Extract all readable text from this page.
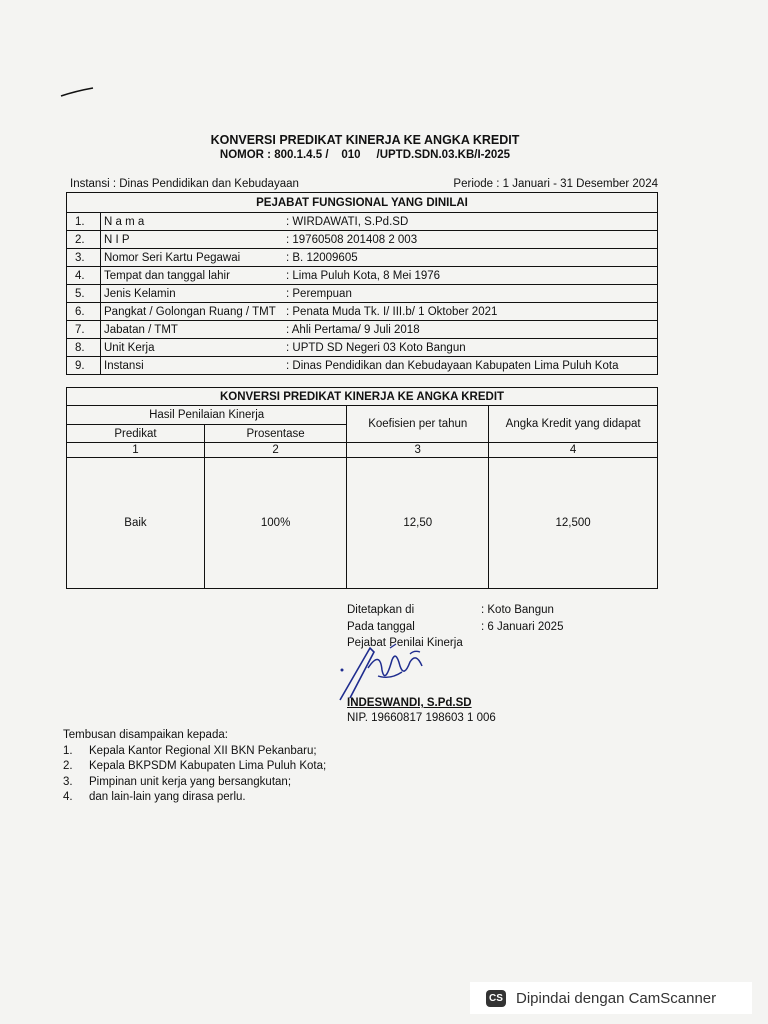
KONVERSI PREDIKAT KINERJA KE ANGKA KREDIT
NOMOR : 800.1.4.5 /    010     /UPTD.SDN.03.KB/I-2025
Instansi : Dinas Pendidikan dan Kebudayaan	Periode : 1 Januari - 31 Desember 2024
PEJABAT FUNGSIONAL YANG DINILAI		
1.	N a m a	: WIRDAWATI, S.Pd.SD
2.	N I P	: 19760508 201408 2 003
3.	Nomor Seri Kartu Pegawai	: B. 12009605
4.	Tempat dan tanggal lahir	: Lima Puluh Kota, 8 Mei 1976
5.	Jenis Kelamin	: Perempuan
6.	Pangkat / Golongan Ruang / TMT	: Penata Muda Tk. I/ III.b/ 1 Oktober 2021
7.	Jabatan / TMT	: Ahli Pertama/ 9 Juli 2018
8.	Unit Kerja	: UPTD SD Negeri 03 Koto Bangun
9.	Instansi	: Dinas Pendidikan dan Kebudayaan Kabupaten Lima Puluh Kota
KONVERSI PREDIKAT KINERJA KE ANGKA KREDIT			
Hasil Penilaian Kinerja		Koefisien per tahun	Angka Kredit yang didapat
Predikat	Prosentase		
1	2	3	4
Baik	100%	12,50	12,500
Ditetapkan di	: Koto Bangun
Pada tanggal	: 6 Januari 2025
Pejabat Penilai Kinerja
INDESWANDI, S.Pd.SD
NIP. 19660817 198603 1 006
Tembusan disampaikan kepada:
1.	Kepala Kantor Regional XII BKN Pekanbaru;
2.	Kepala BKPSDM Kabupaten Lima Puluh Kota;
3.	Pimpinan unit kerja yang bersangkutan;
4.	dan lain-lain yang dirasa perlu.
CS Dipindai dengan CamScanner
